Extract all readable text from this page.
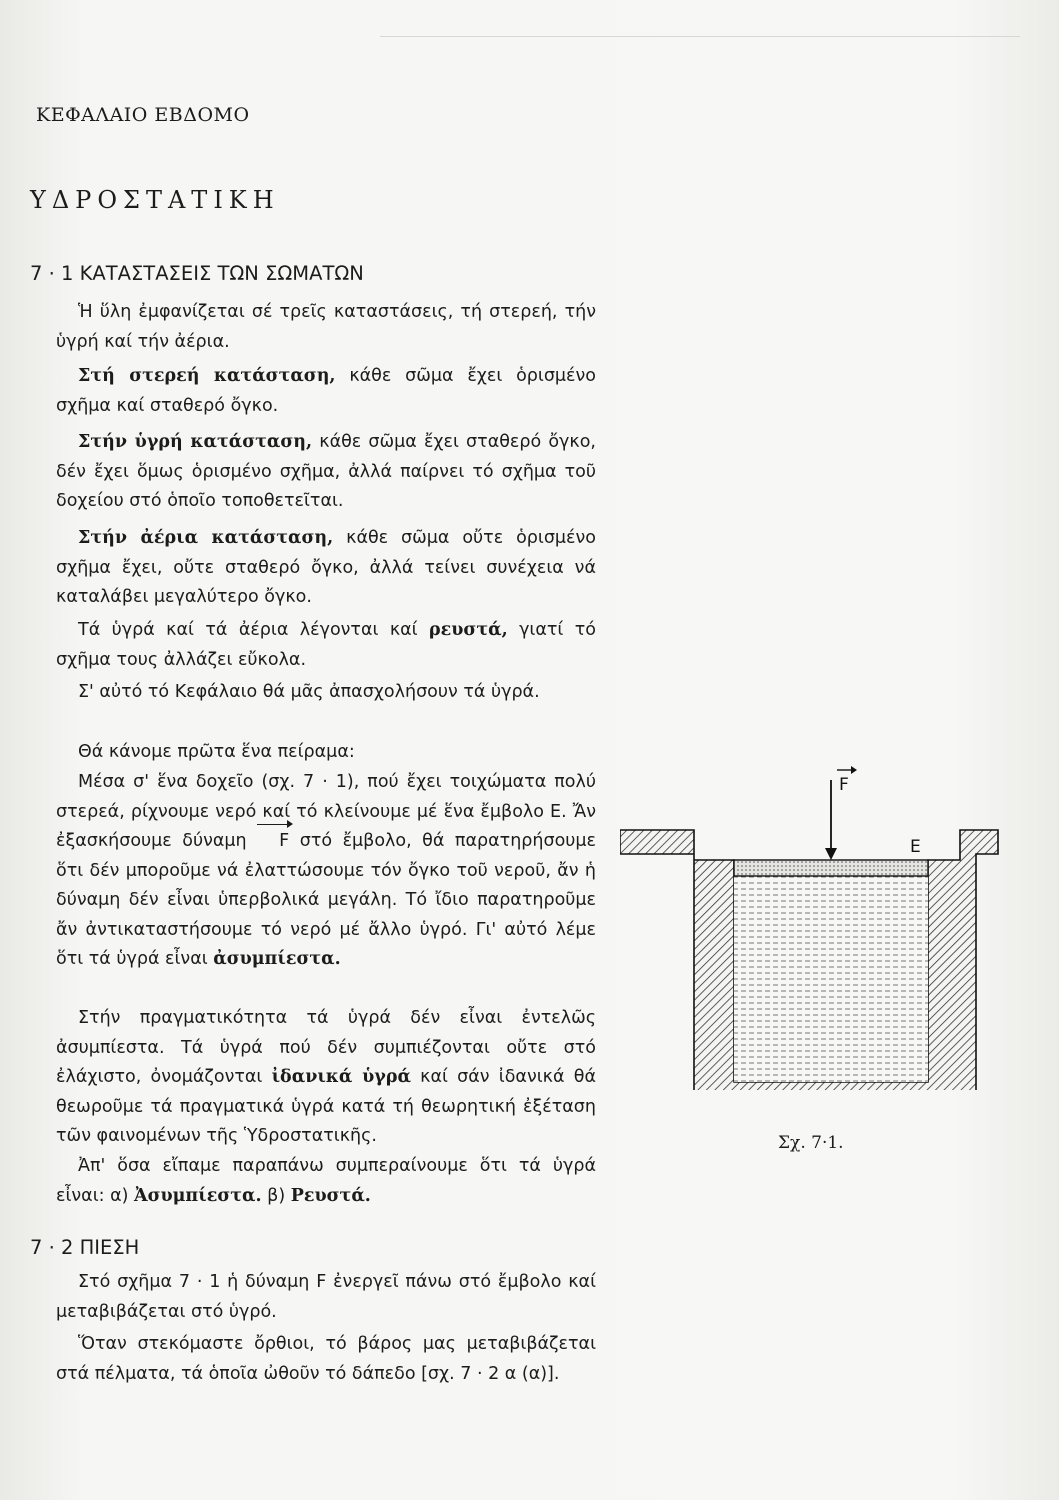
ΚΕΦΑΛΑΙΟ ΕΒΔΟΜΟ
ΥΔΡΟΣΤΑΤΙΚΗ
7 · 1 ΚΑΤΑΣΤΑΣΕΙΣ ΤΩΝ ΣΩΜΑΤΩΝ
Ἡ ὕλη ἐμφανίζεται σέ τρεῖς καταστάσεις, τή στερεή, τήν ὑγρή καί τήν ἀέρια.
Στή στερεή κατάσταση, κάθε σῶμα ἔχει ὁρισμένο σχῆμα καί σταθερό ὄγκο.
Στήν ὑγρή κατάσταση, κάθε σῶμα ἔχει σταθερό ὄγκο, δέν ἔχει ὅμως ὁρισμένο σχῆμα, ἀλλά παίρνει τό σχῆμα τοῦ δοχείου στό ὁποῖο τοποθετεῖται.
Στήν ἀέρια κατάσταση, κάθε σῶμα οὔτε ὁρισμένο σχῆμα ἔχει, οὔτε σταθερό ὄγκο, ἀλλά τείνει συνέχεια νά καταλάβει μεγαλύτερο ὄγκο.
Τά ὑγρά καί τά ἀέρια λέγονται καί ρευστά, γιατί τό σχῆμα τους ἀλλάζει εὔκολα.
Σ' αὐτό τό Κεφάλαιο θά μᾶς ἀπασχολήσουν τά ὑγρά.
Θά κάνομε πρῶτα ἕνα πείραμα:
Μέσα σ' ἕνα δοχεῖο (σχ. 7 · 1), πού ἔχει τοιχώματα πολύ στερεά, ρίχνουμε νερό καί τό κλείνουμε μέ ἕνα ἔμβολο Ε. Ἄν ἐξασκήσουμε δύναμη F στό ἔμβολο, θά παρατηρήσουμε ὅτι δέν μποροῦμε νά ἐλαττώσουμε τόν ὄγκο τοῦ νεροῦ, ἄν ἡ δύναμη δέν εἶναι ὑπερβολικά μεγάλη. Τό ἴδιο παρατηροῦμε ἄν ἀντικαταστήσουμε τό νερό μέ ἄλλο ὑγρό. Γι' αὐτό λέμε ὅτι τά ὑγρά εἶναι ἀσυμπίεστα.
Στήν πραγματικότητα τά ὑγρά δέν εἶναι ἐντελῶς ἀσυμπίεστα. Τά ὑγρά πού δέν συμπιέζονται οὔτε στό ἐλάχιστο, ὀνομάζονται ἰδανικά ὑγρά καί σάν ἰδανικά θά θεωροῦμε τά πραγματικά ὑγρά κατά τή θεωρητική ἐξέταση τῶν φαινομένων τῆς Ὑδροστατικῆς.
Ἀπ' ὅσα εἴπαμε παραπάνω συμπεραίνουμε ὅτι τά ὑγρά εἶναι: α) Ἀσυμπίεστα. β) Ρευστά.
7 · 2 ΠΙΕΣΗ
Στό σχῆμα 7 · 1 ἡ δύναμη F ἐνεργεῖ πάνω στό ἔμβολο καί μεταβιβάζεται στό ὑγρό.
Ὅταν στεκόμαστε ὄρθιοι, τό βάρος μας μεταβιβάζεται στά πέλματα, τά ὁποῖα ὠθοῦν τό δάπεδο [σχ. 7 · 2 α (α)].
F
E
Σχ. 7·1.
